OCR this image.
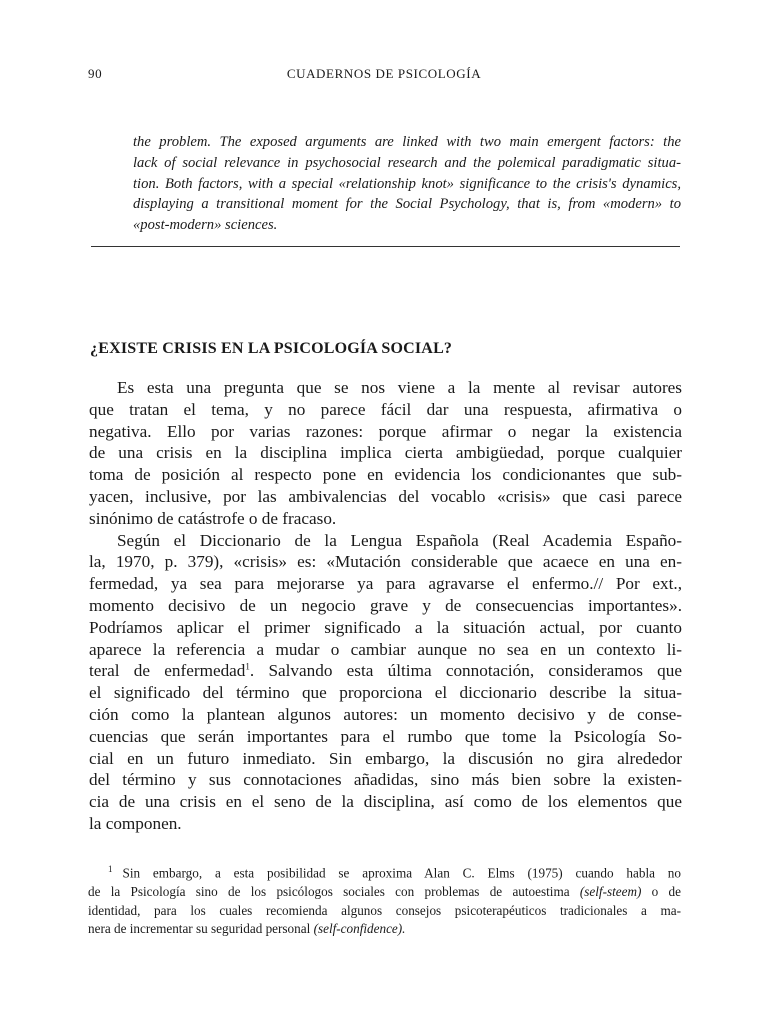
90	CUADERNOS DE PSICOLOGÍA
the problem. The exposed arguments are linked with two main emergent factors: the
lack of social relevance in psychosocial research and the polemical paradigmatic situa-
tion. Both factors, with a special «relationship knot» significance to the crisis's dynamics,
displaying a transitional moment for the Social Psychology, that is, from «modern» to
«post-modern» sciences.
¿EXISTE CRISIS EN LA PSICOLOGÍA SOCIAL?
Es esta una pregunta que se nos viene a la mente al revisar autores
que tratan el tema, y no parece fácil dar una respuesta, afirmativa o
negativa. Ello por varias razones: porque afirmar o negar la existencia
de una crisis en la disciplina implica cierta ambigüedad, porque cualquier
toma de posición al respecto pone en evidencia los condicionantes que sub-
yacen, inclusive, por las ambivalencias del vocablo «crisis» que casi parece
sinónimo de catástrofe o de fracaso.
Según el Diccionario de la Lengua Española (Real Academia Españo-
la, 1970, p. 379), «crisis» es: «Mutación considerable que acaece en una en-
fermedad, ya sea para mejorarse ya para agravarse el enfermo.// Por ext.,
momento decisivo de un negocio grave y de consecuencias importantes».
Podríamos aplicar el primer significado a la situación actual, por cuanto
aparece la referencia a mudar o cambiar aunque no sea en un contexto li-
teral de enfermedad$^1$. Salvando esta última connotación, consideramos que
el significado del término que proporciona el diccionario describe la situa-
ción como la plantean algunos autores: un momento decisivo y de conse-
cuencias que serán importantes para el rumbo que tome la Psicología So-
cial en un futuro inmediato. Sin embargo, la discusión no gira alrededor
del término y sus connotaciones añadidas, sino más bien sobre la existen-
cia de una crisis en el seno de la disciplina, así como de los elementos que
la componen.
$^1$ Sin embargo, a esta posibilidad se aproxima Alan C. Elms (1975) cuando habla no
de la Psicología sino de los psicólogos sociales con problemas de autoestima (self-steem) o de
identidad, para los cuales recomienda algunos consejos psicoterapéuticos tradicionales a ma-
nera de incrementar su seguridad personal (self-confidence).
